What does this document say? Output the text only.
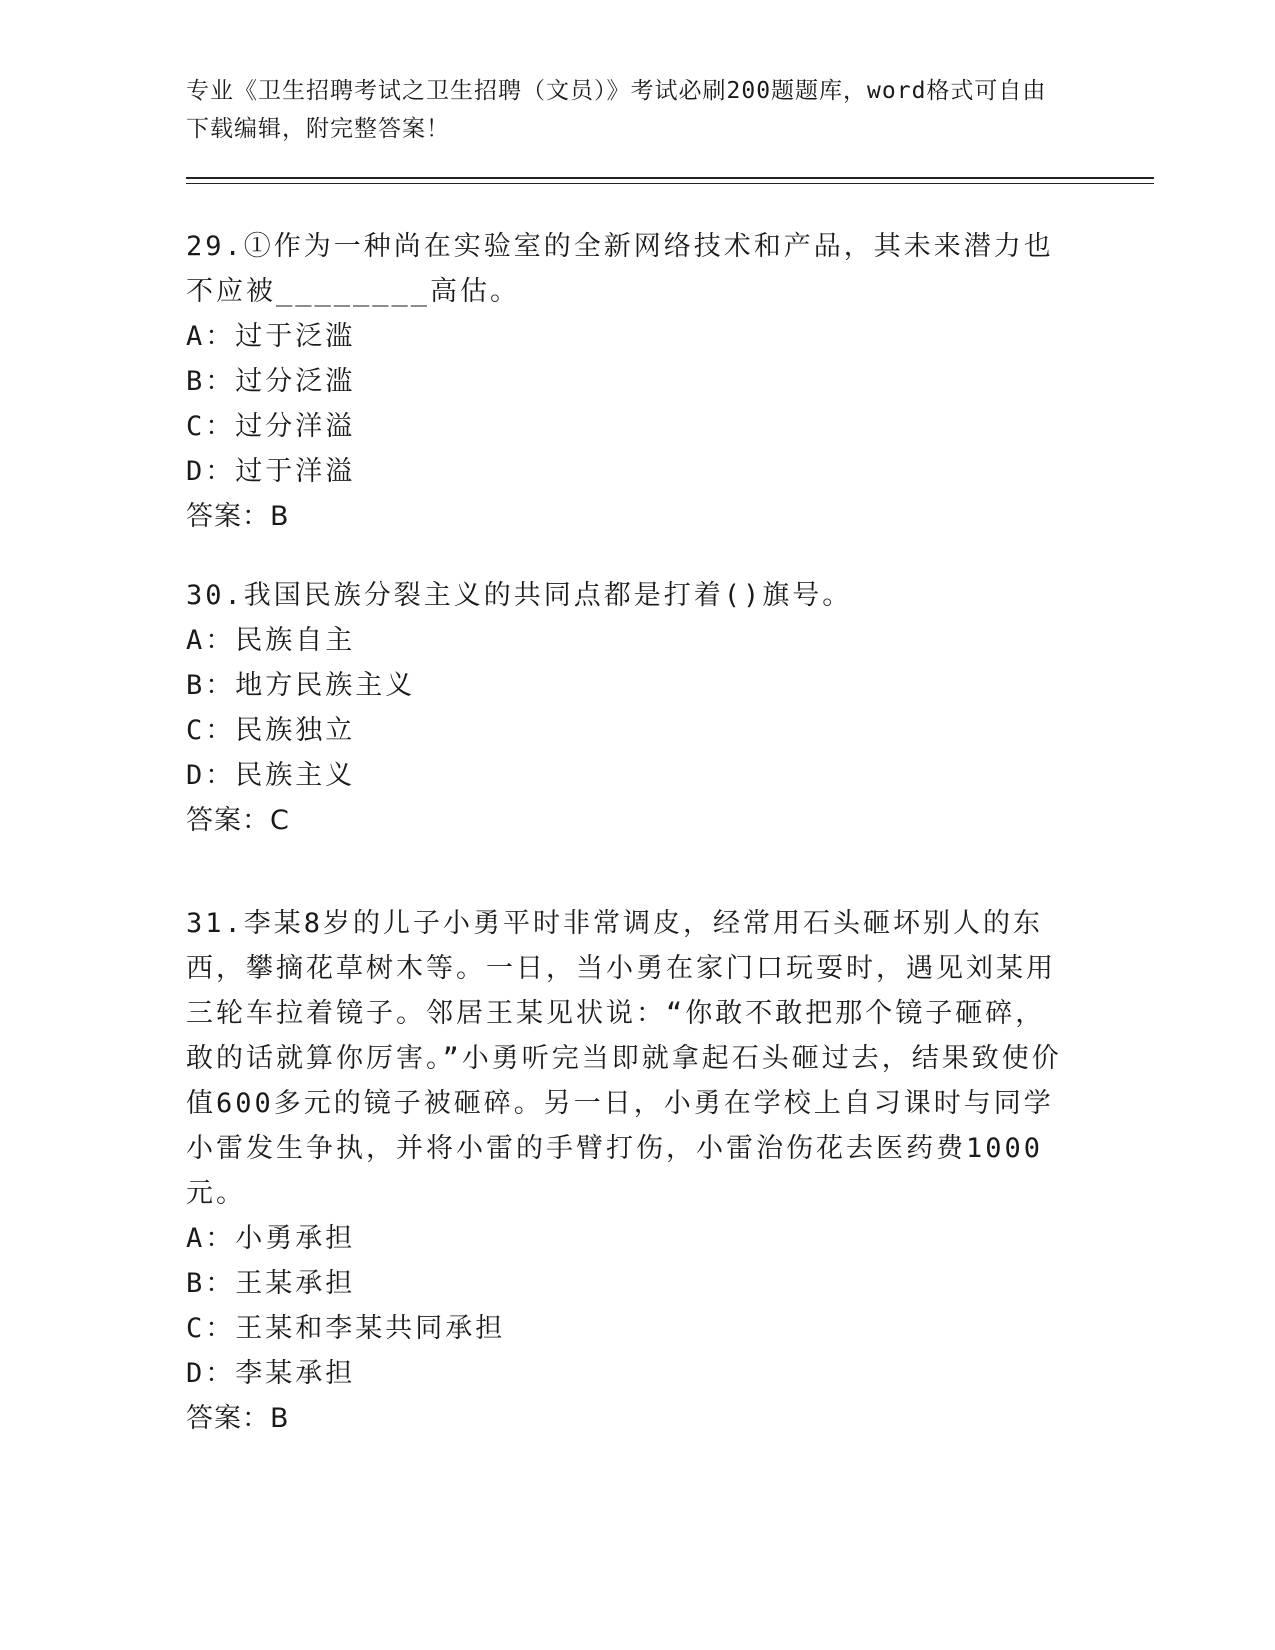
专业《卫生招聘考试之卫生招聘（文员）》考试必刷200题题库，word格式可自由下载编辑，附完整答案！

29.①作为一种尚在实验室的全新网络技术和产品，其未来潜力也不应被________高估。

A：过于泛滥

B：过分泛滥

C：过分洋溢

D：过于洋溢

答案：B

30.我国民族分裂主义的共同点都是打着()旗号。

A：民族自主

B：地方民族主义

C：民族独立

D：民族主义

答案：C

31.李某8岁的儿子小勇平时非常调皮，经常用石头砸坏别人的东西，攀摘花草树木等。一日，当小勇在家门口玩耍时，遇见刘某用三轮车拉着镜子。邻居王某见状说：“你敢不敢把那个镜子砸碎，敢的话就算你厉害。”小勇听完当即就拿起石头砸过去，结果致使价值600多元的镜子被砸碎。另一日，小勇在学校上自习课时与同学小雷发生争执，并将小雷的手臂打伤，小雷治伤花去医药费1000元。

A：小勇承担

B：王某承担

C：王某和李某共同承担

D：李某承担

答案：B
